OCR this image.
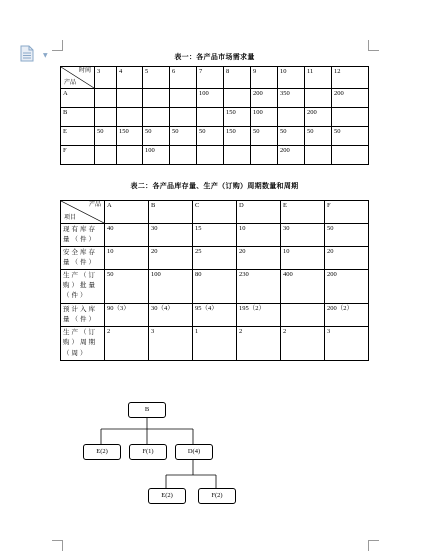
▼	表一：各产品市场需求量
时间
产品	3	4	5	6	7	8	9	10	11	12
A					100		200	350		200
B						150	100		200	
E	50	150	50	50	50	150	50	50	50	50
F			100					200		
表二：各产品库存量、生产（订购）周期数量和周期
产品
项目	A	B	C	D	E	F
现有库存量（件）	40	30	15	10	30	50
安全库存量（件）	10	20	25	20	10	20
生产（订购）批量（件）	50	100	80	230	400	200
预计入库量（件）	90（3）	30（4）	95（4）	195（2）		200（2）
生产（订购）周期（周）	2	3	1	2	2	3
B
E(2)	F(1)	D(4)
E(2)	F(2)
